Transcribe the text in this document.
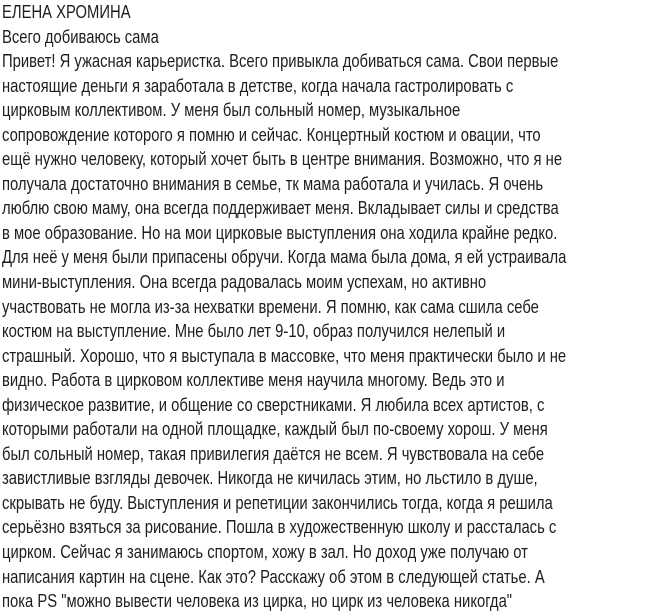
ЕЛЕНА ХРОМИНА
Всего добиваюсь сама
Привет! Я ужасная карьеристка. Всего привыкла добиваться сама. Свои первые
настоящие деньги я заработала в детстве, когда начала гастролировать с
цирковым коллективом. У меня был сольный номер, музыкальное
сопровождение которого я помню и сейчас. Концертный костюм и овации, что
ещё нужно человеку, который хочет быть в центре внимания. Возможно, что я не
получала достаточно внимания в семье, тк мама работала и училась. Я очень
люблю свою маму, она всегда поддерживает меня. Вкладывает силы и средства
в мое образование. Но на мои цирковые выступления она ходила крайне редко.
Для неё у меня были припасены обручи. Когда мама была дома, я ей устраивала
мини-выступления. Она всегда радовалась моим успехам, но активно
участвовать не могла из-за нехватки времени. Я помню, как сама сшила себе
костюм на выступление. Мне было лет 9-10, образ получился нелепый и
страшный. Хорошо, что я выступала в массовке, что меня практически было и не
видно. Работа в цирковом коллективе меня научила многому. Ведь это и
физическое развитие, и общение со сверстниками. Я любила всех артистов, с
которыми работали на одной площадке, каждый был по-своему хорош. У меня
был сольный номер, такая привилегия даётся не всем. Я чувствовала на себе
завистливые взгляды девочек. Никогда не кичилась этим, но льстило в душе,
скрывать не буду. Выступления и репетиции закончились тогда, когда я решила
серьёзно взяться за рисование. Пошла в художественную школу и рассталась с
цирком. Сейчас я занимаюсь спортом, хожу в зал. Но доход уже получаю от
написания картин на сцене. Как это? Расскажу об этом в следующей статье. А
пока PS "можно вывести человека из цирка, но цирк из человека никогда"
